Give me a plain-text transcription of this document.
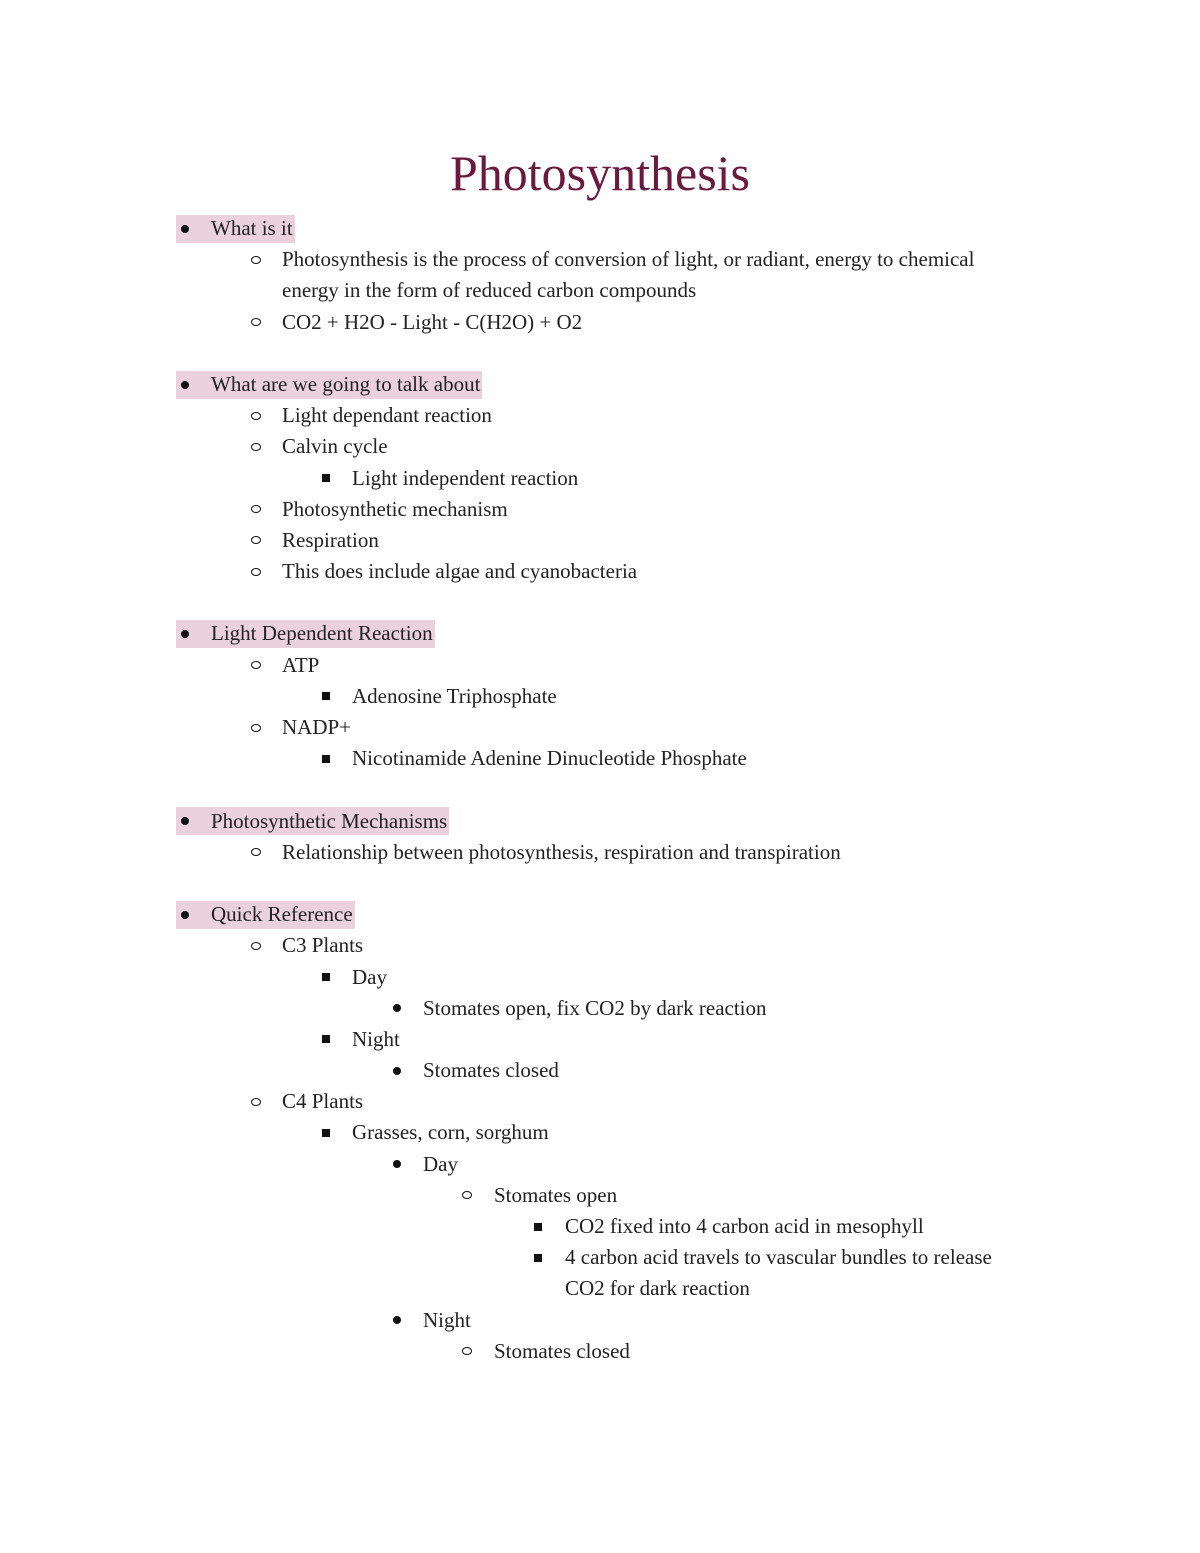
Photosynthesis
What is it
Photosynthesis is the process of conversion of light, or radiant, energy to chemical
energy in the form of reduced carbon compounds
CO2 + H2O - Light - C(H2O) + O2
What are we going to talk about
Light dependant reaction
Calvin cycle
Light independent reaction
Photosynthetic mechanism
Respiration
This does include algae and cyanobacteria
Light Dependent Reaction
ATP
Adenosine Triphosphate
NADP+
Nicotinamide Adenine Dinucleotide Phosphate
Photosynthetic Mechanisms
Relationship between photosynthesis, respiration and transpiration
Quick Reference
C3 Plants
Day
Stomates open, fix CO2 by dark reaction
Night
Stomates closed
C4 Plants
Grasses, corn, sorghum
Day
Stomates open
CO2 fixed into 4 carbon acid in mesophyll
4 carbon acid travels to vascular bundles to release
CO2 for dark reaction
Night
Stomates closed
